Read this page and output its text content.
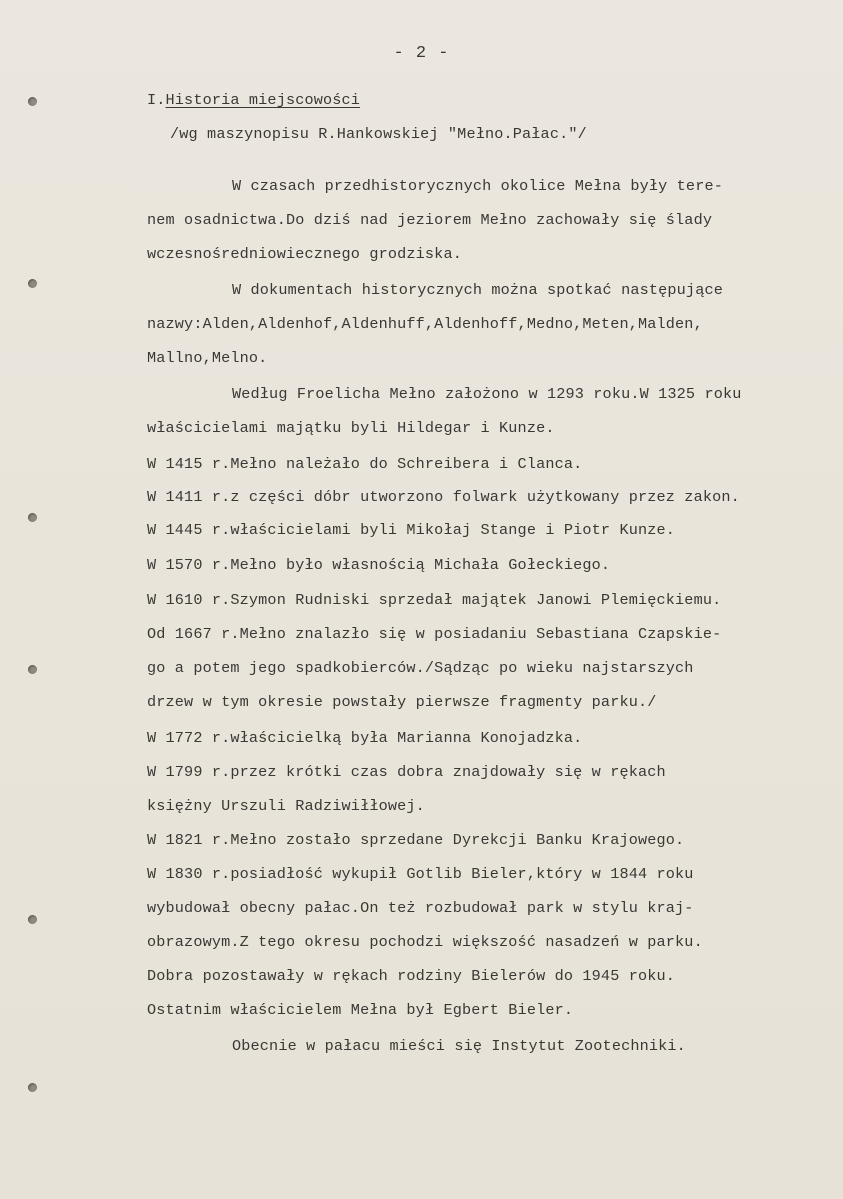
- 2 -
I.Historia miejscowości
/wg maszynopisu R.Hankowskiej "Mełno.Pałac."/
W czasach przedhistorycznych okolice Mełna były tere-
nem osadnictwa.Do dziś nad jeziorem Mełno zachowały się ślady
wczesnośredniowiecznego grodziska.
W dokumentach historycznych można spotkać następujące
nazwy:Alden,Aldenhof,Aldenhuff,Aldenhoff,Medno,Meten,Malden,
Mallno,Melno.
Według Froelicha Mełno założono w 1293 roku.W 1325 roku
właścicielami majątku byli Hildegar i Kunze.
W 1415 r.Mełno należało do Schreibera i Clanca.
W 1411 r.z części dóbr utworzono folwark użytkowany przez zakon.
W 1445 r.właścicielami byli Mikołaj Stange i Piotr Kunze.
W 1570 r.Mełno było własnością Michała Gołeckiego.
W 1610 r.Szymon Rudniski sprzedał majątek Janowi Plemięckiemu.
Od 1667 r.Mełno znalazło się w posiadaniu Sebastiana Czapskie-
go a potem jego spadkobierców./Sądząc po wieku najstarszych
drzew w tym okresie powstały pierwsze fragmenty parku./
W 1772 r.właścicielką była Marianna Konojadzka.
W 1799 r.przez krótki czas dobra znajdowały się w rękach
księżny Urszuli Radziwiłłowej.
W 1821 r.Mełno zostało sprzedane Dyrekcji Banku Krajowego.
W 1830 r.posiadłość wykupił Gotlib Bieler,który w 1844 roku
wybudował obecny pałac.On też rozbudował park w stylu kraj-
obrazowym.Z tego okresu pochodzi większość nasadzeń w parku.
Dobra pozostawały w rękach rodziny Bielerów do 1945 roku.
Ostatnim właścicielem Mełna był Egbert Bieler.
Obecnie w pałacu mieści się Instytut Zootechniki.
